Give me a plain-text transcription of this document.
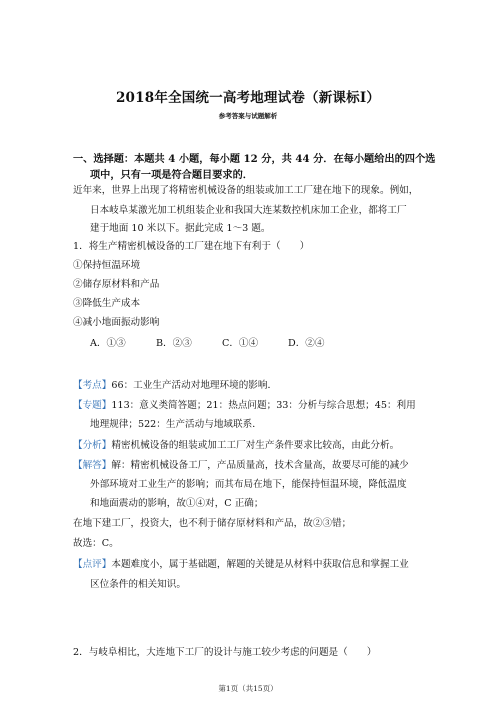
2018年全国统一高考地理试卷（新课标Ⅰ）
参考答案与试题解析
一、选择题：本题共 4 小题，每小题 12 分，共 44 分．在每小题给出的四个选
项中，只有一项是符合题目要求的．
近年来，世界上出现了将精密机械设备的组装或加工工厂建在地下的现象。例如，
日本岐阜某激光加工机组装企业和我国大连某数控机床加工企业，都将工厂
建于地面 10 米以下。据此完成 1～3 题。
1．将生产精密机械设备的工厂建在地下有利于（　　）
①保持恒温环境
②储存原材料和产品
③降低生产成本
④减小地面振动影响
A．①③	B．②③	C．①④	D．②④
【考点】66：工业生产活动对地理环境的影响．
【专题】113：意义类简答题；21：热点问题；33：分析与综合思想；45：利用
地理规律；522：生产活动与地域联系．
【分析】精密机械设备的组装或加工工厂对生产条件要求比较高，由此分析。
【解答】解：精密机械设备工厂，产品质量高，技术含量高，故要尽可能的减少
外部环境对工业生产的影响；而其布局在地下，能保持恒温环境，降低温度
和地面震动的影响，故①④对，C 正确；
在地下建工厂，投资大，也不利于储存原材料和产品，故②③错；
故选：C。
【点评】本题难度小，属于基础题，解题的关键是从材料中获取信息和掌握工业
区位条件的相关知识。
2．与岐阜相比，大连地下工厂的设计与施工较少考虑的问题是（　　）
第1页（共15页）
